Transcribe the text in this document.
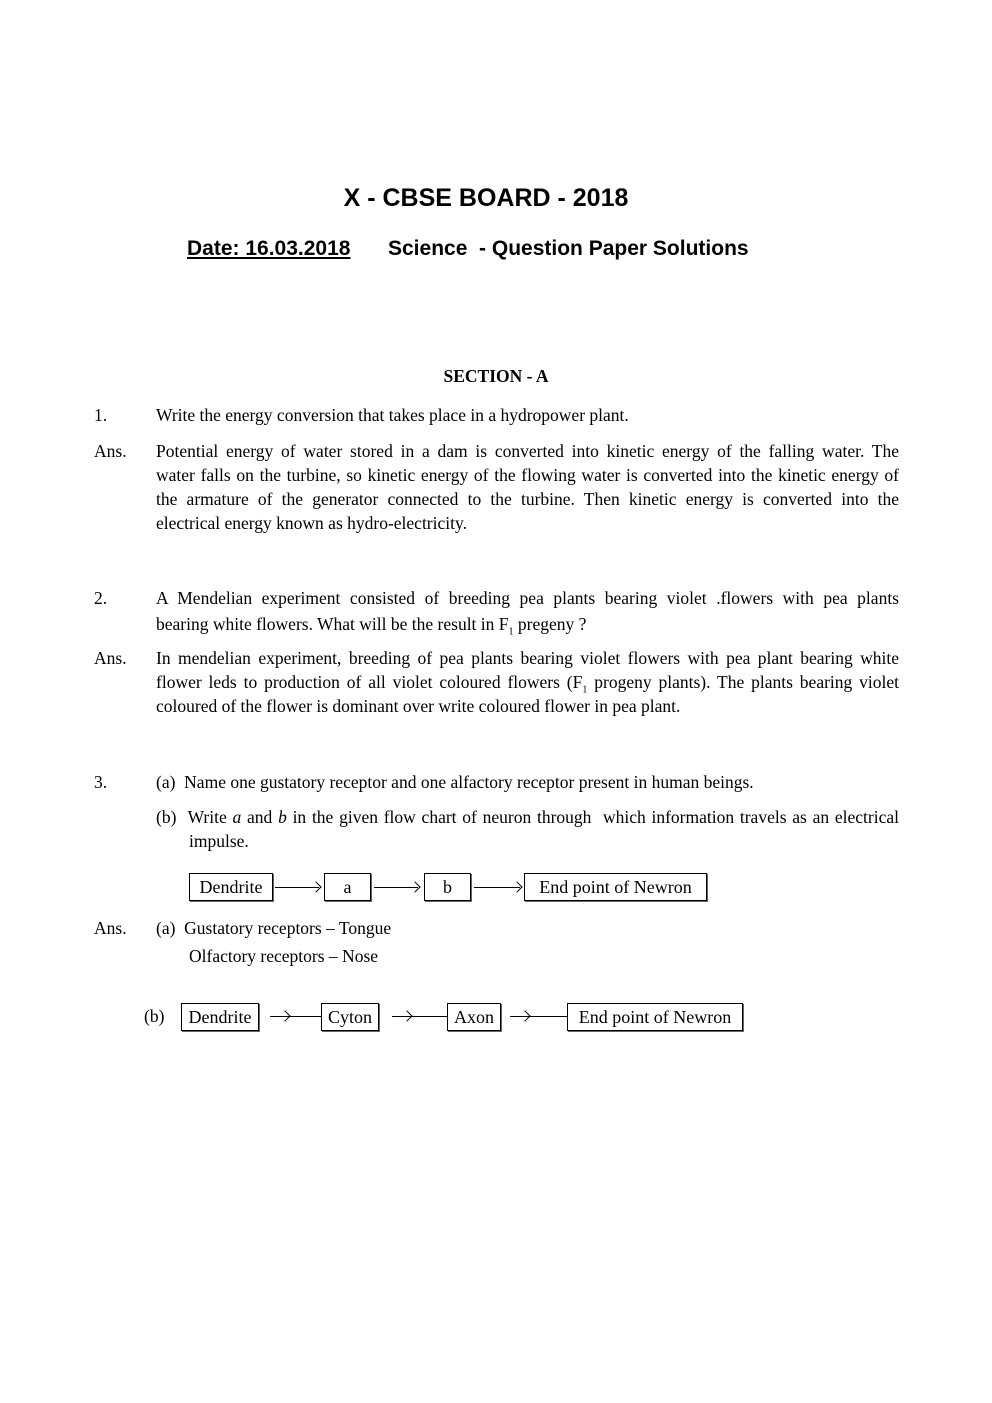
X - CBSE BOARD - 2018
Date: 16.03.2018 Science  - Question Paper Solutions
SECTION - A
1.	Write the energy conversion that takes place in a hydropower plant.
Ans. Potential energy of water stored in a dam is converted into kinetic energy of the falling water. The
water falls on the turbine, so kinetic energy of the flowing water is converted into the kinetic energy of
the armature of the generator connected to the turbine. Then kinetic energy is converted into the
electrical energy known as hydro-electricity.
2.	A Mendelian experiment consisted of breeding pea plants bearing violet .flowers with pea plants
bearing white flowers. What will be the result in $F_1$ pregeny ?
Ans. In mendelian experiment, breeding of pea plants bearing violet flowers with pea plant bearing white
flower leds to production of all violet coloured flowers ($F_1$ progeny plants). The plants bearing violet
coloured of the flower is dominant over write coloured flower in pea plant.
3.	(a)  Name one gustatory receptor and one alfactory receptor present in human beings.
(b)  Write a and b in the given flow chart of neuron through  which information travels as an electrical
impulse.
Dendrite	a	b	End point of Newron
Ans. (a)  Gustatory receptors – Tongue
Olfactory receptors – Nose
(b)	Dendrite	Cyton	Axon	End point of Newron
